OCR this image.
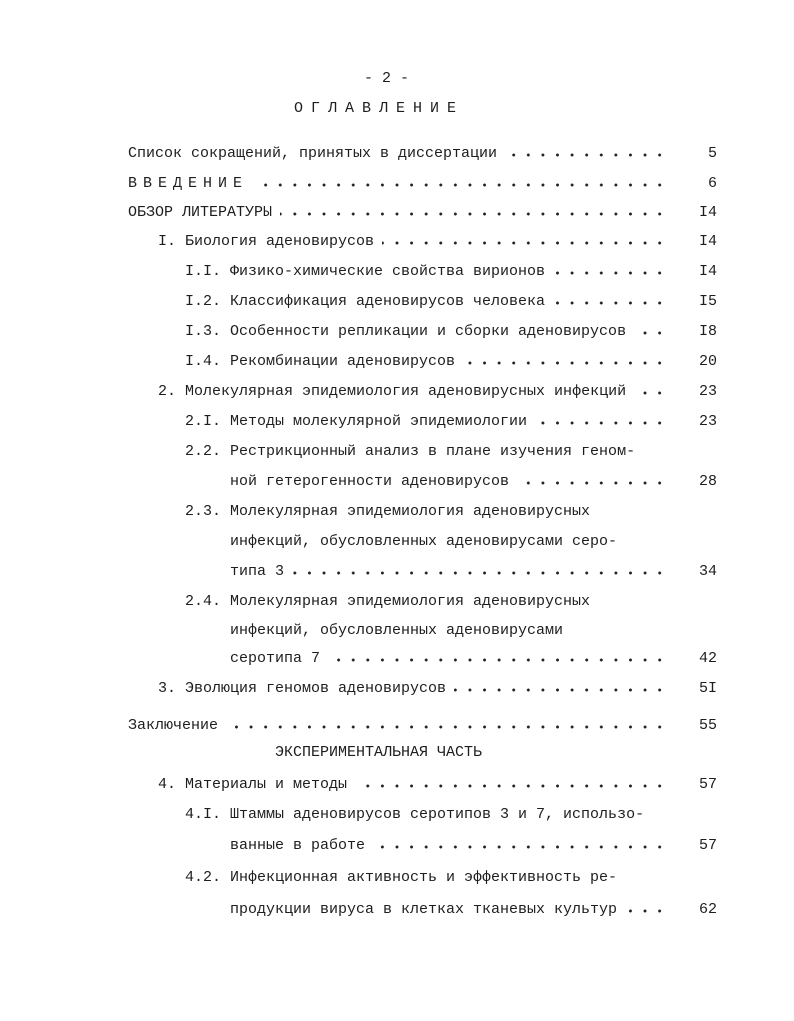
- 2 -
ОГЛАВЛЕНИЕ
Список сокращений, принятых в диссертации	5
ВВЕДЕНИЕ	6
ОБЗОР ЛИТЕРАТУРЫ	I4
I. Биология аденовирусов	I4
I.I. Физико-химические свойства вирионов	I4
I.2. Классификация аденовирусов человека	I5
I.3. Особенности репликации и сборки аденовирусов	I8
I.4. Рекомбинации аденовирусов	20
2. Молекулярная эпидемиология аденовирусных инфекций	23
2.I. Методы молекулярной эпидемиологии	23
2.2. Рестрикционный анализ в плане изучения геном-
ной гетерогенности аденовирусов	28
2.3. Молекулярная эпидемиология аденовирусных
инфекций, обусловленных аденовирусами серо-
типа 3	34
2.4. Молекулярная эпидемиология аденовирусных
инфекций, обусловленных аденовирусами
серотипа 7	42
3. Эволюция геномов аденовирусов	5I
Заключение	55
ЭКСПЕРИМЕНТАЛЬНАЯ ЧАСТЬ
4. Материалы и методы	57
4.I. Штаммы аденовирусов серотипов 3 и 7, использо-
ванные в работе	57
4.2. Инфекционная активность и эффективность ре-
продукции вируса в клетках тканевых культур	62
